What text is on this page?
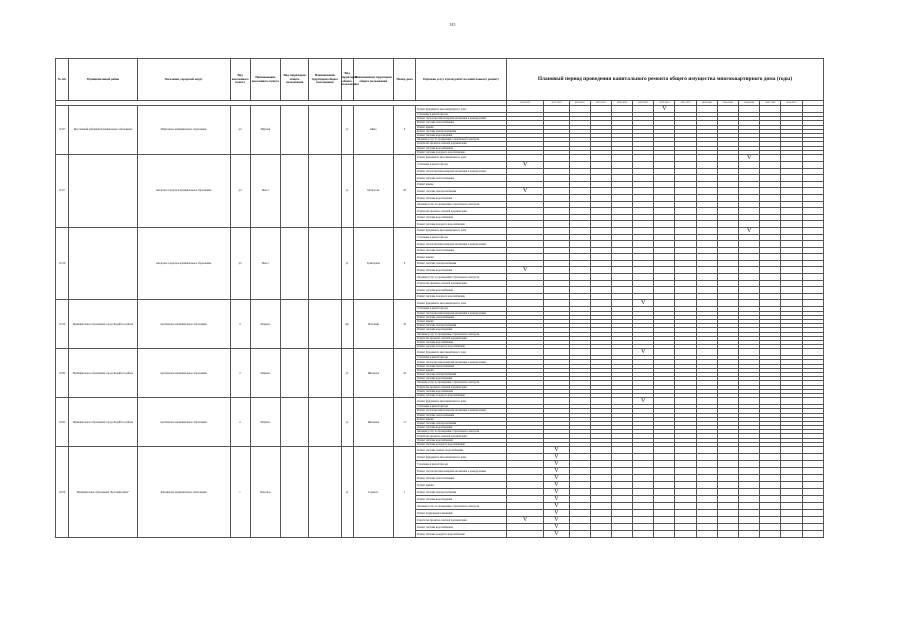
315
№ п/п	Муниципальный район	Поселение, городской округ	Вид населенного пункта	Наименование населенного пункта	Вид территории общего пользования	Наименование территории общего пользования	Вид территории общего пользования	Наименование территории общего пользования	Номер дома	Перечень услуг и (или) работ по капитальному ремонту	Плановый период проведения капитального ремонта общего имущества многоквартирного дома (годы)													
											2014-2016	2017-2019	2020-2022	2023-2025	2026-2028	2029-2031	2032-2034	2035-2037	2038-2040	2041-2043	2044-2046	2047-2049	2050-2052	
11327	Ярославский районный муниципальное образование	Мирновское муниципальное образование	рп	Мирный			ул	Мира	8	Ремонт фундамента многоквартирного дома							V							
										Утепление и ремонт фасада														
										Ремонт систем противопожарной автоматики и дымоудаления														
										Ремонт системы теплоснабжения														
										Ремонт крыши														
										Ремонт системы электроснабжения														
										Ремонт системы водоотведения														
										Оказание услуг по проведению строительного контроля														
										Разработка проектно-сметной документации														
										Ремонт системы водоснабжения														
										Ремонт системы холодного водоснабжения														
11417		Ангарское городское муниципальное образование	рп	Мегет			ул	Матросова	28	Ремонт фундамента многоквартирного дома											V			
										Утепление и ремонт фасада	V													
										Ремонт систем противопожарной автоматики и дымоудаления														
										Ремонт системы теплоснабжения														
										Ремонт крыши														
										Ремонт системы электроснабжения	V													
										Ремонт системы водоотведения														
										Оказание услуг по проведению строительного контроля														
										Разработка проектно-сметной документации														
										Ремонт системы водоснабжения														
										Ремонт системы холодного водоснабжения														
11519		Ангарское городское муниципальное образование	рп	Мегет			ул	Тракторная	9	Ремонт фундамента многоквартирного дома											V			
										Утепление и ремонт фасада														
										Ремонт систем противопожарной автоматики и дымоудаления														
										Ремонт системы теплоснабжения														
										Ремонт крыши														
										Ремонт системы электроснабжения														
										Ремонт системы водоотведения	V													
										Оказание услуг по проведению строительного контроля														
										Разработка проектно-сметной документации														
										Ремонт системы водоснабжения														
										Ремонт системы холодного водоснабжения														
11510	Муниципальное образование города Бодайбо и района	Артёмовское муниципальное образование	п	Марково			пер	Почтовый	32	Ремонт фундамента многоквартирного дома						V								
										Утепление и ремонт фасада														
										Ремонт систем противопожарной автоматики и дымоудаления														
										Ремонт системы теплоснабжения														
										Ремонт крыши														
										Ремонт системы электроснабжения														
										Ремонт системы водоотведения														
										Оказание услуг по проведению строительного контроля														
										Разработка проектно-сметной документации														
										Ремонт системы водоснабжения														
										Ремонт системы холодного водоснабжения														
11632	Муниципальное образование города Бодайбо и района	Артёмовское муниципальное образование	п	Марково			ул	Школьная	42	Ремонт фундамента многоквартирного дома						V								
										Утепление и ремонт фасада														
										Ремонт систем противопожарной автоматики и дымоудаления														
										Ремонт системы теплоснабжения														
										Ремонт крыши														
										Ремонт системы электроснабжения														
										Ремонт системы водоотведения														
										Оказание услуг по проведению строительного контроля														
										Разработка проектно-сметной документации														
										Ремонт системы водоснабжения														
										Ремонт системы холодного водоснабжения														
11633	Муниципальное образование города Бодайбо и района	Артёмовское муниципальное образование	п	Марково			ул	Школьная	51	Ремонт фундамента многоквартирного дома						V								
										Утепление и ремонт фасада														
										Ремонт систем противопожарной автоматики и дымоудаления														
										Ремонт системы теплоснабжения														
										Ремонт крыши														
										Ремонт системы электроснабжения														
										Ремонт системы водоотведения														
										Оказание услуг по проведению строительного контроля														
										Разработка проектно-сметной документации														
										Ремонт системы водоснабжения														
										Ремонт системы холодного водоснабжения														
11679	Муниципальное образование "Братский район"	Ключинское муниципальное образование	с	Покосное			ул	Горького	1	Ремонт системы горячего водоснабжения		V												
										Ремонт фундамента многоквартирного дома		V												
										Утепление и ремонт фасада		V												
										Ремонт систем противопожарной автоматики и дымоудаления		V												
										Ремонт системы теплоснабжения		V												
										Ремонт крыши		V												
										Ремонт системы электроснабжения		V												
										Ремонт системы водоотведения		V												
										Оказание услуг по проведению строительного контроля		V												
										Ремонт подвальных помещений		V												
										Разработка проектно-сметной документации	V	V												
										Ремонт системы водоснабжения		V												
										Ремонт системы холодного водоснабжения		V												
